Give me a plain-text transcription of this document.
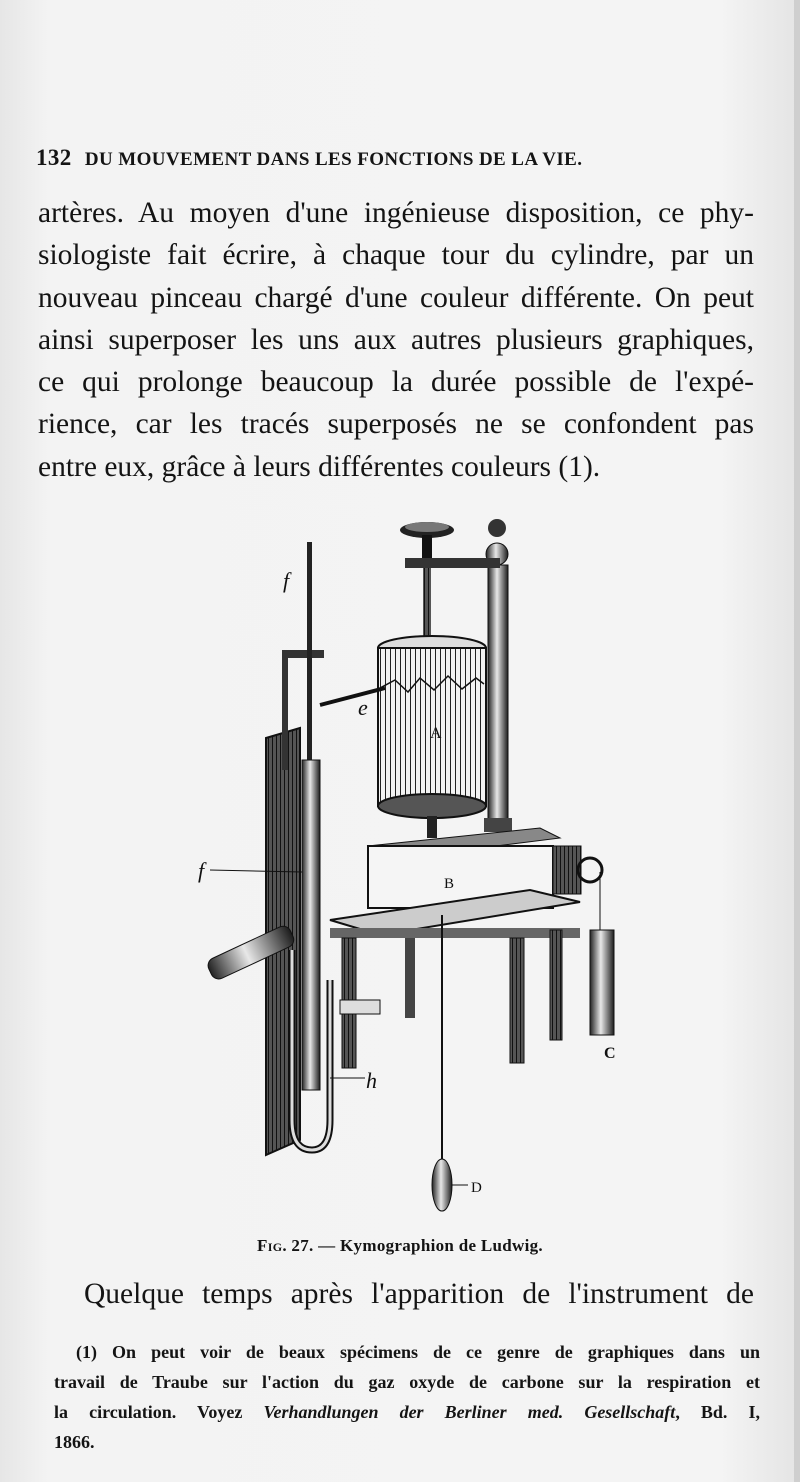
132 DU MOUVEMENT DANS LES FONCTIONS DE LA VIE.
artères. Au moyen d'une ingénieuse disposition, ce phy-
siologiste fait écrire, à chaque tour du cylindre, par un
nouveau pinceau chargé d'une couleur différente. On peut
ainsi superposer les uns aux autres plusieurs graphiques,
ce qui prolonge beaucoup la durée possible de l'expé-
rience, car les tracés superposés ne se confondent pas
entre eux, grâce à leurs différentes couleurs (1).
f
e
A
f
B
C
h
D
Fig. 27. — Kymographion de Ludwig.
Quelque temps après l'apparition de l'instrument de
(1) On peut voir de beaux spécimens de ce genre de graphiques dans un
travail de Traube sur l'action du gaz oxyde de carbone sur la respiration et
la circulation. Voyez Verhandlungen der Berliner med. Gesellschaft, Bd. I,
1866.
